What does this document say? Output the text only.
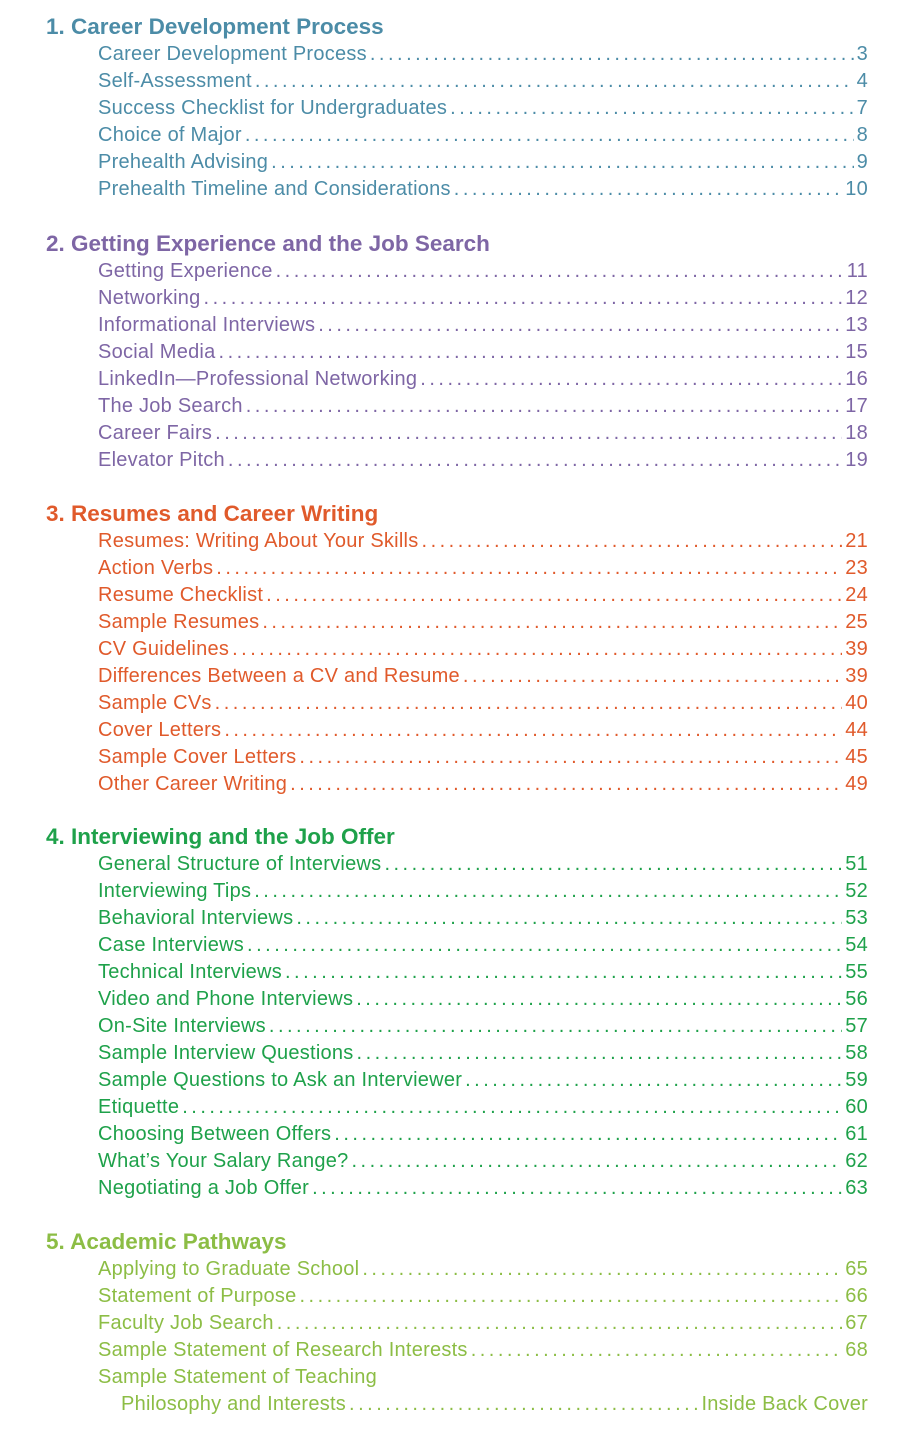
1. Career Development Process
Career Development Process .....	3
Self-Assessment .....	4
Success Checklist for Undergraduates .....	7
Choice of Major .....	8
Prehealth Advising .....	9
Prehealth Timeline and Considerations .....	10
2. Getting Experience and the Job Search
Getting Experience .....	11
Networking .....	12
Informational Interviews .....	13
Social Media .....	15
LinkedIn—Professional Networking .....	16
The Job Search .....	17
Career Fairs .....	18
Elevator Pitch .....	19
3. Resumes and Career Writing
Resumes: Writing About Your Skills .....	21
Action Verbs .....	23
Resume Checklist .....	24
Sample Resumes .....	25
CV Guidelines .....	39
Differences Between a CV and Resume .....	39
Sample CVs .....	40
Cover Letters .....	44
Sample Cover Letters .....	45
Other Career Writing .....	49
4. Interviewing and the Job Offer
General Structure of Interviews .....	51
Interviewing Tips .....	52
Behavioral Interviews .....	53
Case Interviews .....	54
Technical Interviews .....	55
Video and Phone Interviews .....	56
On-Site Interviews .....	57
Sample Interview Questions .....	58
Sample Questions to Ask an Interviewer .....	59
Etiquette .....	60
Choosing Between Offers .....	61
What’s Your Salary Range? .....	62
Negotiating a Job Offer .....	63
5. Academic Pathways
Applying to Graduate School .....	65
Statement of Purpose .....	66
Faculty Job Search .....	67
Sample Statement of Research Interests .....	68
Sample Statement of Teaching
Philosophy and Interests .....	Inside Back Cover
